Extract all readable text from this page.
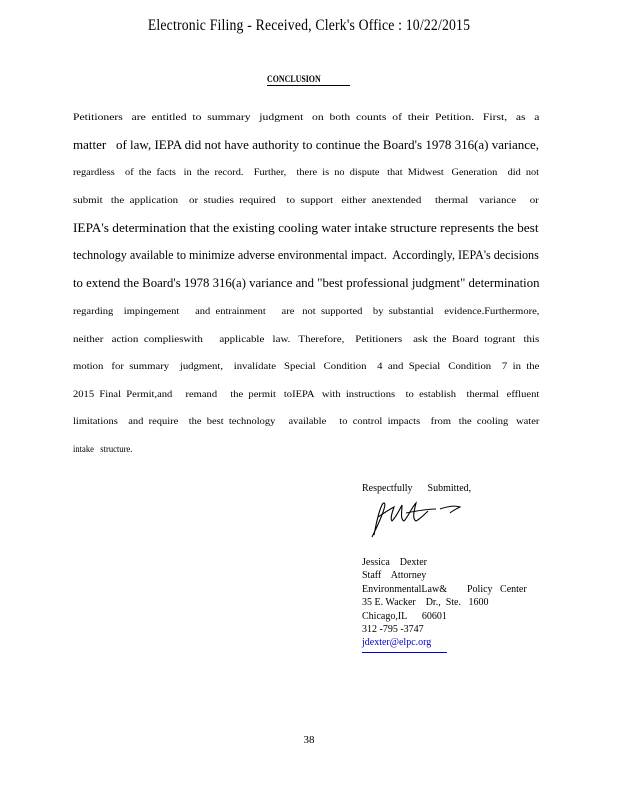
Electronic Filing - Received, Clerk's Office : 10/22/2015
CONCLUSION
Petitioners   are  entitled  to  summary   judgment   on  both  counts  of  their  Petition.   First,   as   a
matter   of law, IEPA did not have authority to continue the Board's 1978 316(a) variance,
regardless    of  the  facts   in  the  record.    Further,    there  is  no  dispute   that  Midwest   Generation    did  not
submit   the  application    or  studies  required    to  support   either  anextended     thermal    variance     or
IEPA's determination that the existing cooling water intake structure represents the best
technology available to minimize adverse environmental impact.  Accordingly, IEPA's decisions
to extend the Board's 1978 316(a) variance and "best professional judgment" determination
regarding    impingement      and  entrainment      are   not  supported    by  substantial    evidence.Furthermore,
neither   action  complieswith      applicable   law.   Therefore,    Petitioners    ask  the  Board  togrant   this
motion   for  summary    judgment,    invalidate   Special   Condition    4  and  Special   Condition    7  in  the
2015  Final  Permit,and     remand     the  permit   toIEPA   with  instructions    to  establish    thermal   effluent
limitations    and  require    the  best  technology     available     to  control  impacts    from   the  cooling   water
intake   structure.
Respectfully      Submitted,
Jessica    Dexter
Staff    Attorney
EnvironmentalLaw&        Policy   Center
35 E. Wacker    Dr.,  Ste.   1600
Chicago,IL      60601
312 -795 -3747
jdexter@elpc.org
38
